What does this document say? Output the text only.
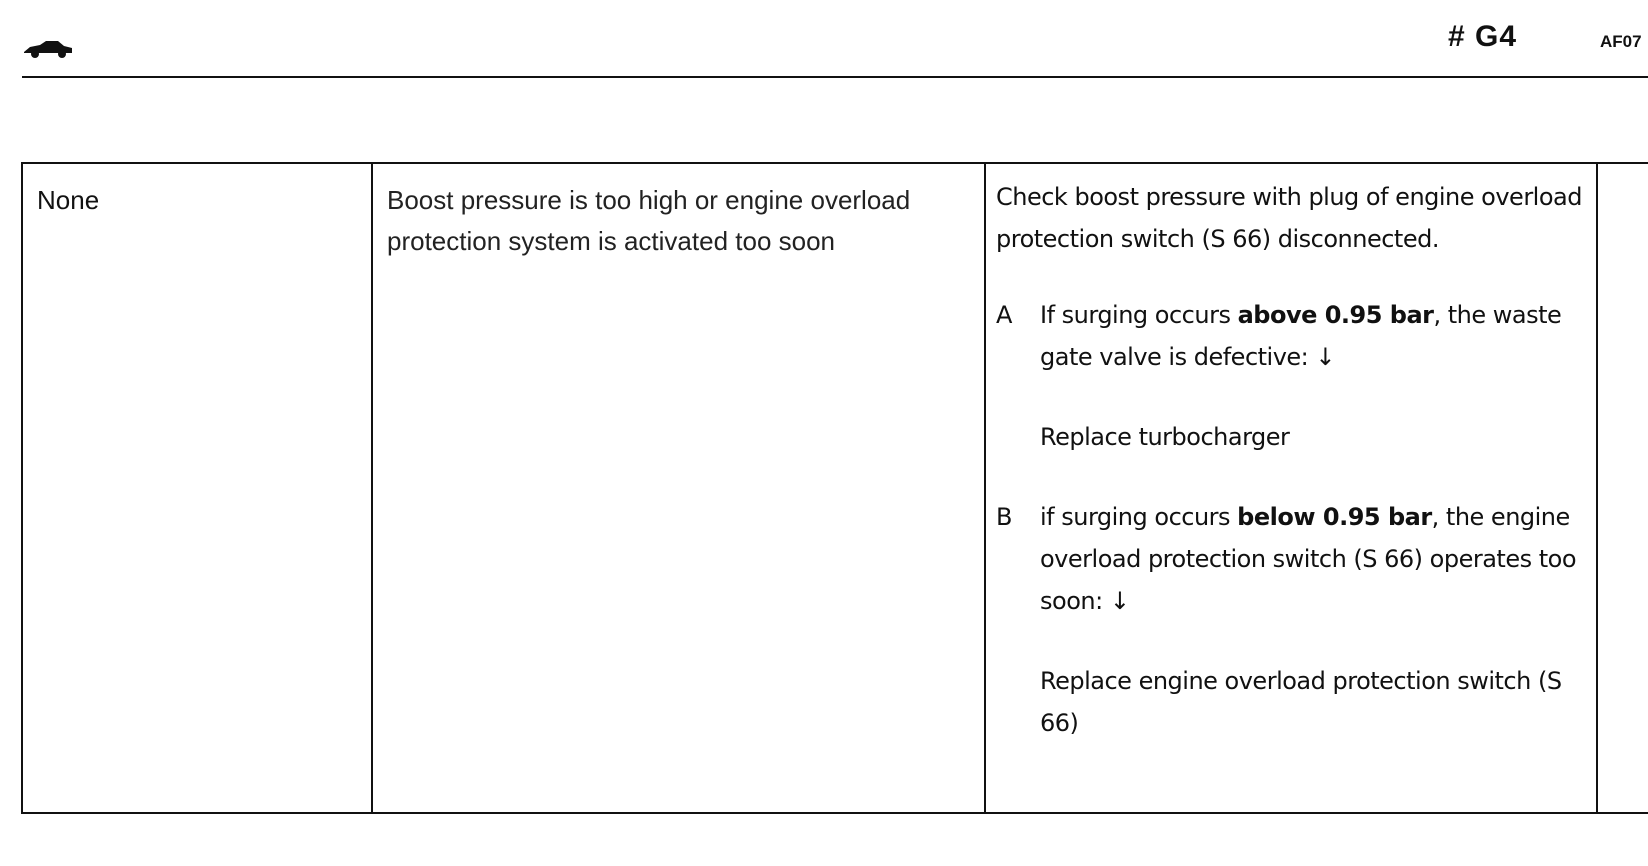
# G4	AF07
None	Boost pressure is too high or engine overload protection system is activated too soon

Check boost pressure with plug of engine overload protection switch (S 66) disconnected.

A If surging occurs above 0.95 bar, the waste gate valve is defective: ↓

Replace turbocharger

B if surging occurs below 0.95 bar, the engine overload protection switch (S 66) operates too soon: ↓

Replace engine overload protection switch (S 66)
